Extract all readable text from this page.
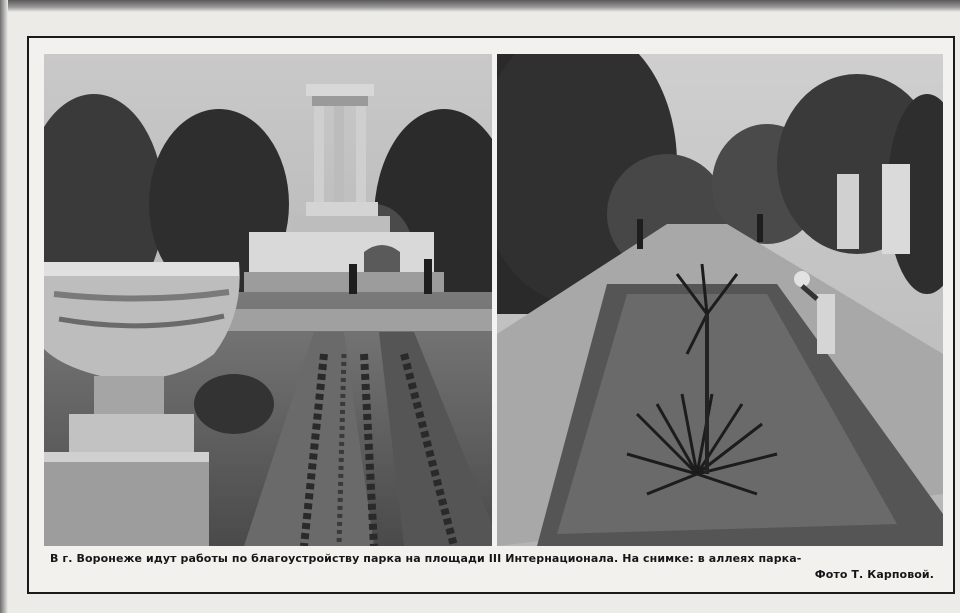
В г. Воронеже идут работы по благоустройству парка на площади III Интернационала. На снимке: в аллеях парка-
Фото Т. Карповой.
